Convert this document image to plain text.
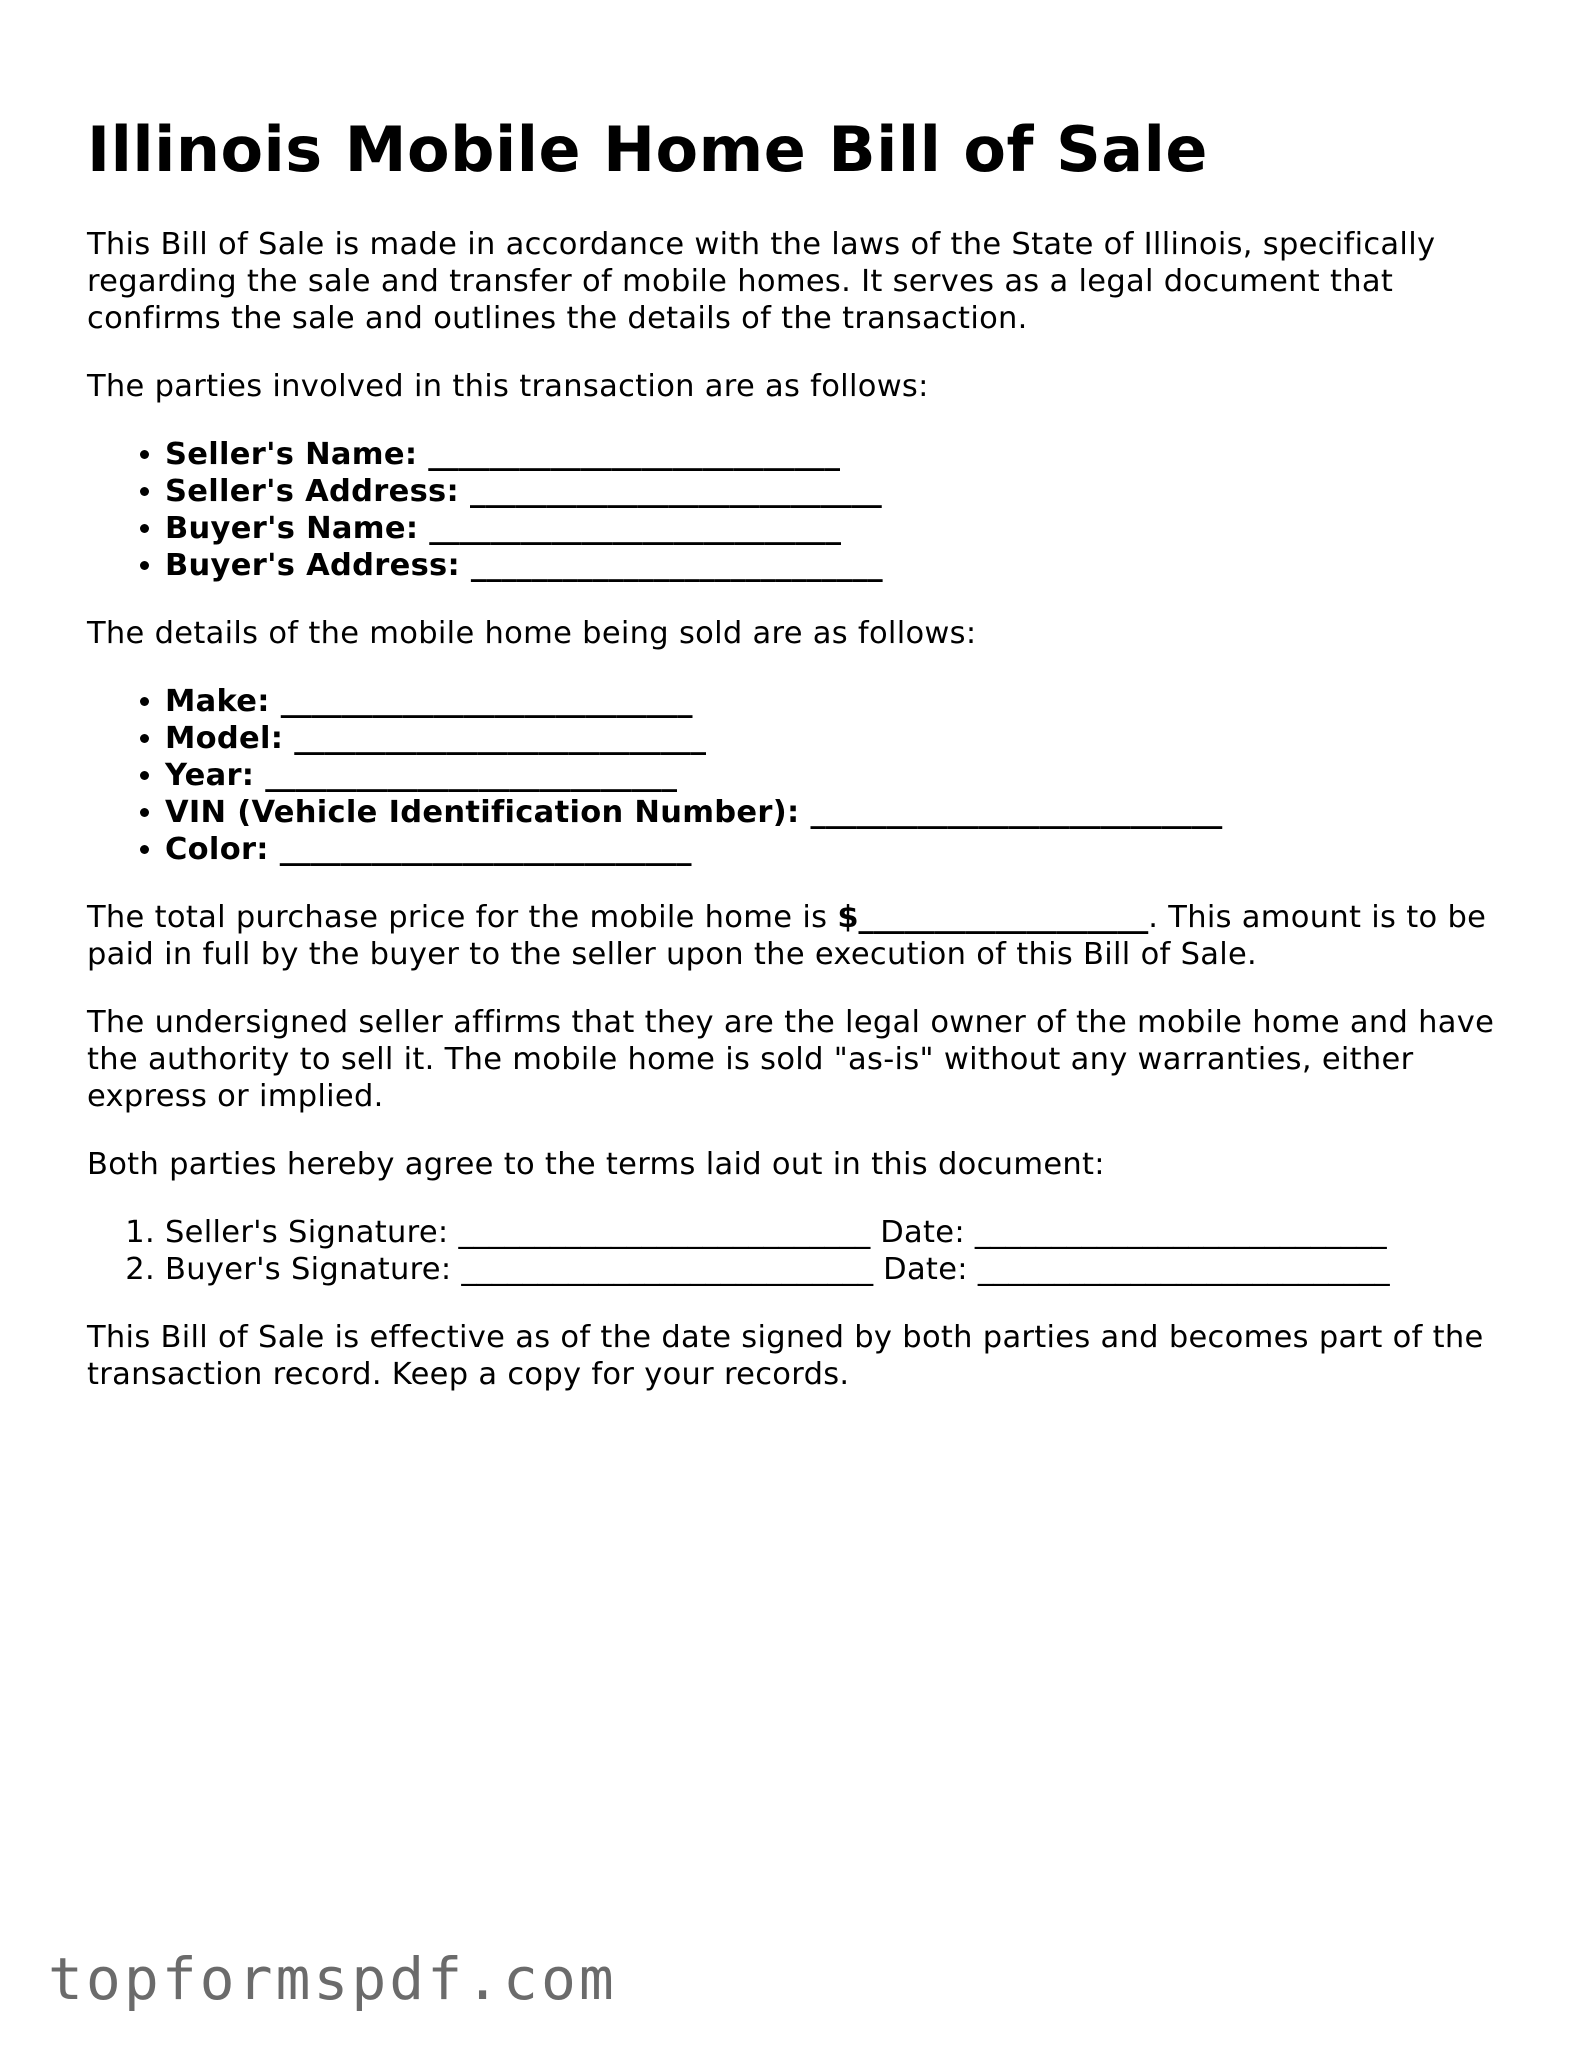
Illinois Mobile Home Bill of Sale

This Bill of Sale is made in accordance with the laws of the State of Illinois, specifically regarding the sale and transfer of mobile homes. It serves as a legal document that confirms the sale and outlines the details of the transaction.

The parties involved in this transaction are as follows:

• Seller's Name: ___________________________
• Seller's Address: ___________________________
• Buyer's Name: ___________________________
• Buyer's Address: ___________________________

The details of the mobile home being sold are as follows:

• Make: ___________________________
• Model: ___________________________
• Year: ___________________________
• VIN (Vehicle Identification Number): ___________________________
• Color: ___________________________

The total purchase price for the mobile home is $___________________. This amount is to be paid in full by the buyer to the seller upon the execution of this Bill of Sale.

The undersigned seller affirms that they are the legal owner of the mobile home and have the authority to sell it. The mobile home is sold "as-is" without any warranties, either express or implied.

Both parties hereby agree to the terms laid out in this document:

1. Seller's Signature: ___________________________ Date: ___________________________
2. Buyer's Signature: ___________________________ Date: ___________________________

This Bill of Sale is effective as of the date signed by both parties and becomes part of the transaction record. Keep a copy for your records.

topformspdf.com
